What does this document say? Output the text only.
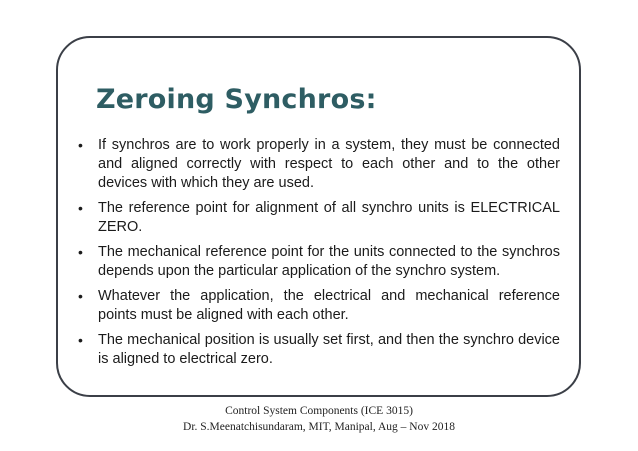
Zeroing Synchros:
• If synchros are to work properly in a system, they must be connected and aligned correctly with respect to each other and to the other devices with which they are used.
• The reference point for alignment of all synchro units is ELECTRICAL ZERO.
• The mechanical reference point for the units connected to the synchros depends upon the particular application of the synchro system.
• Whatever the application, the electrical and mechanical reference points must be aligned with each other.
• The mechanical position is usually set first, and then the synchro device is aligned to electrical zero.
Control System Components (ICE 3015)
Dr. S.Meenatchisundaram, MIT, Manipal, Aug – Nov 2018
